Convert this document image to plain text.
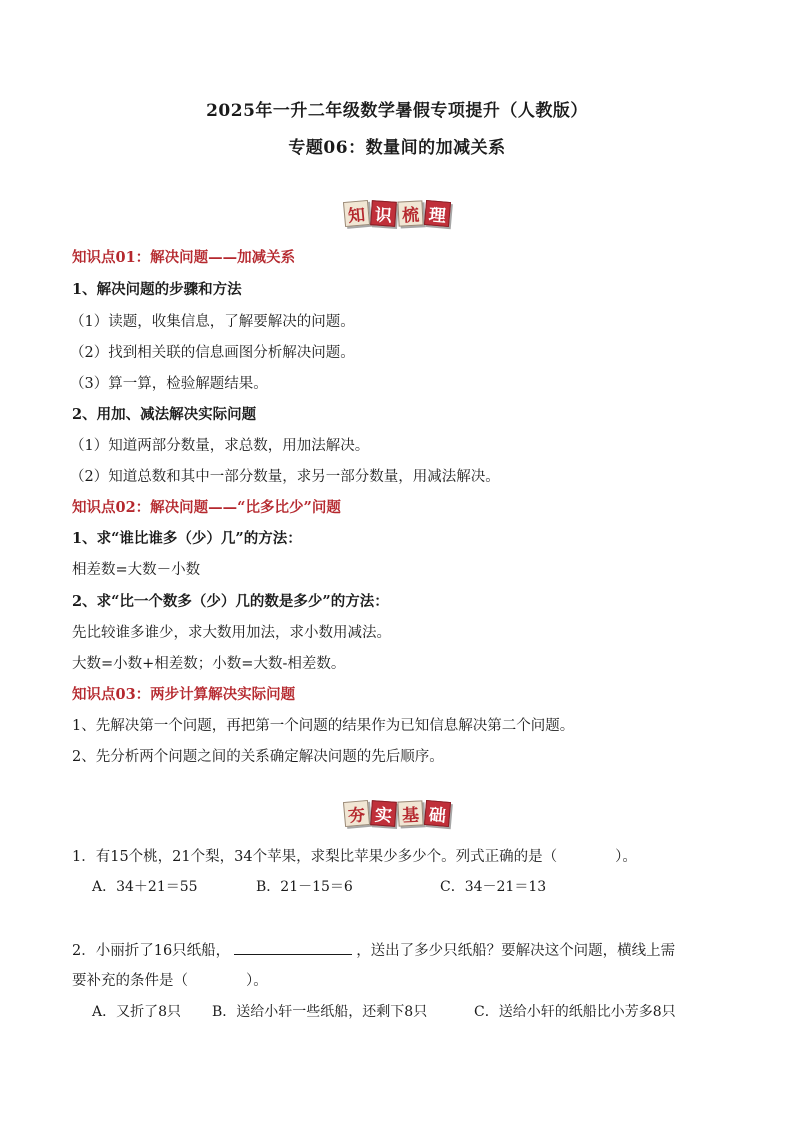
2025年一升二年级数学暑假专项提升（人教版）
专题06：数量间的加减关系
知 识 梳 理
知识点01：解决问题——加减关系
1、解决问题的步骤和方法
（1）读题，收集信息，了解要解决的问题。
（2）找到相关联的信息画图分析解决问题。
（3）算一算，检验解题结果。
2、用加、减法解决实际问题
（1）知道两部分数量，求总数，用加法解决。
（2）知道总数和其中一部分数量，求另一部分数量，用减法解决。
知识点02：解决问题——“比多比少”问题
1、求“谁比谁多（少）几”的方法：
相差数=大数－小数
2、求“比一个数多（少）几的数是多少”的方法：
先比较谁多谁少，求大数用加法，求小数用减法。
大数=小数+相差数；小数=大数-相差数。
知识点03：两步计算解决实际问题
1、先解决第一个问题，再把第一个问题的结果作为已知信息解决第二个问题。
2、先分析两个问题之间的关系确定解决问题的先后顺序。
夯 实 基 础
1．有15个桃，21个梨，34个苹果，求梨比苹果少多少个。列式正确的是（　　　　）。
A．34＋21＝55	B．21－15＝6	C．34－21＝13
2．小丽折了16只纸船，	，送出了多少只纸船？要解决这个问题，横线上需
要补充的条件是（　　　　）。
A．又折了8只 B．送给小轩一些纸船，还剩下8只	C．送给小轩的纸船比小芳多8只
